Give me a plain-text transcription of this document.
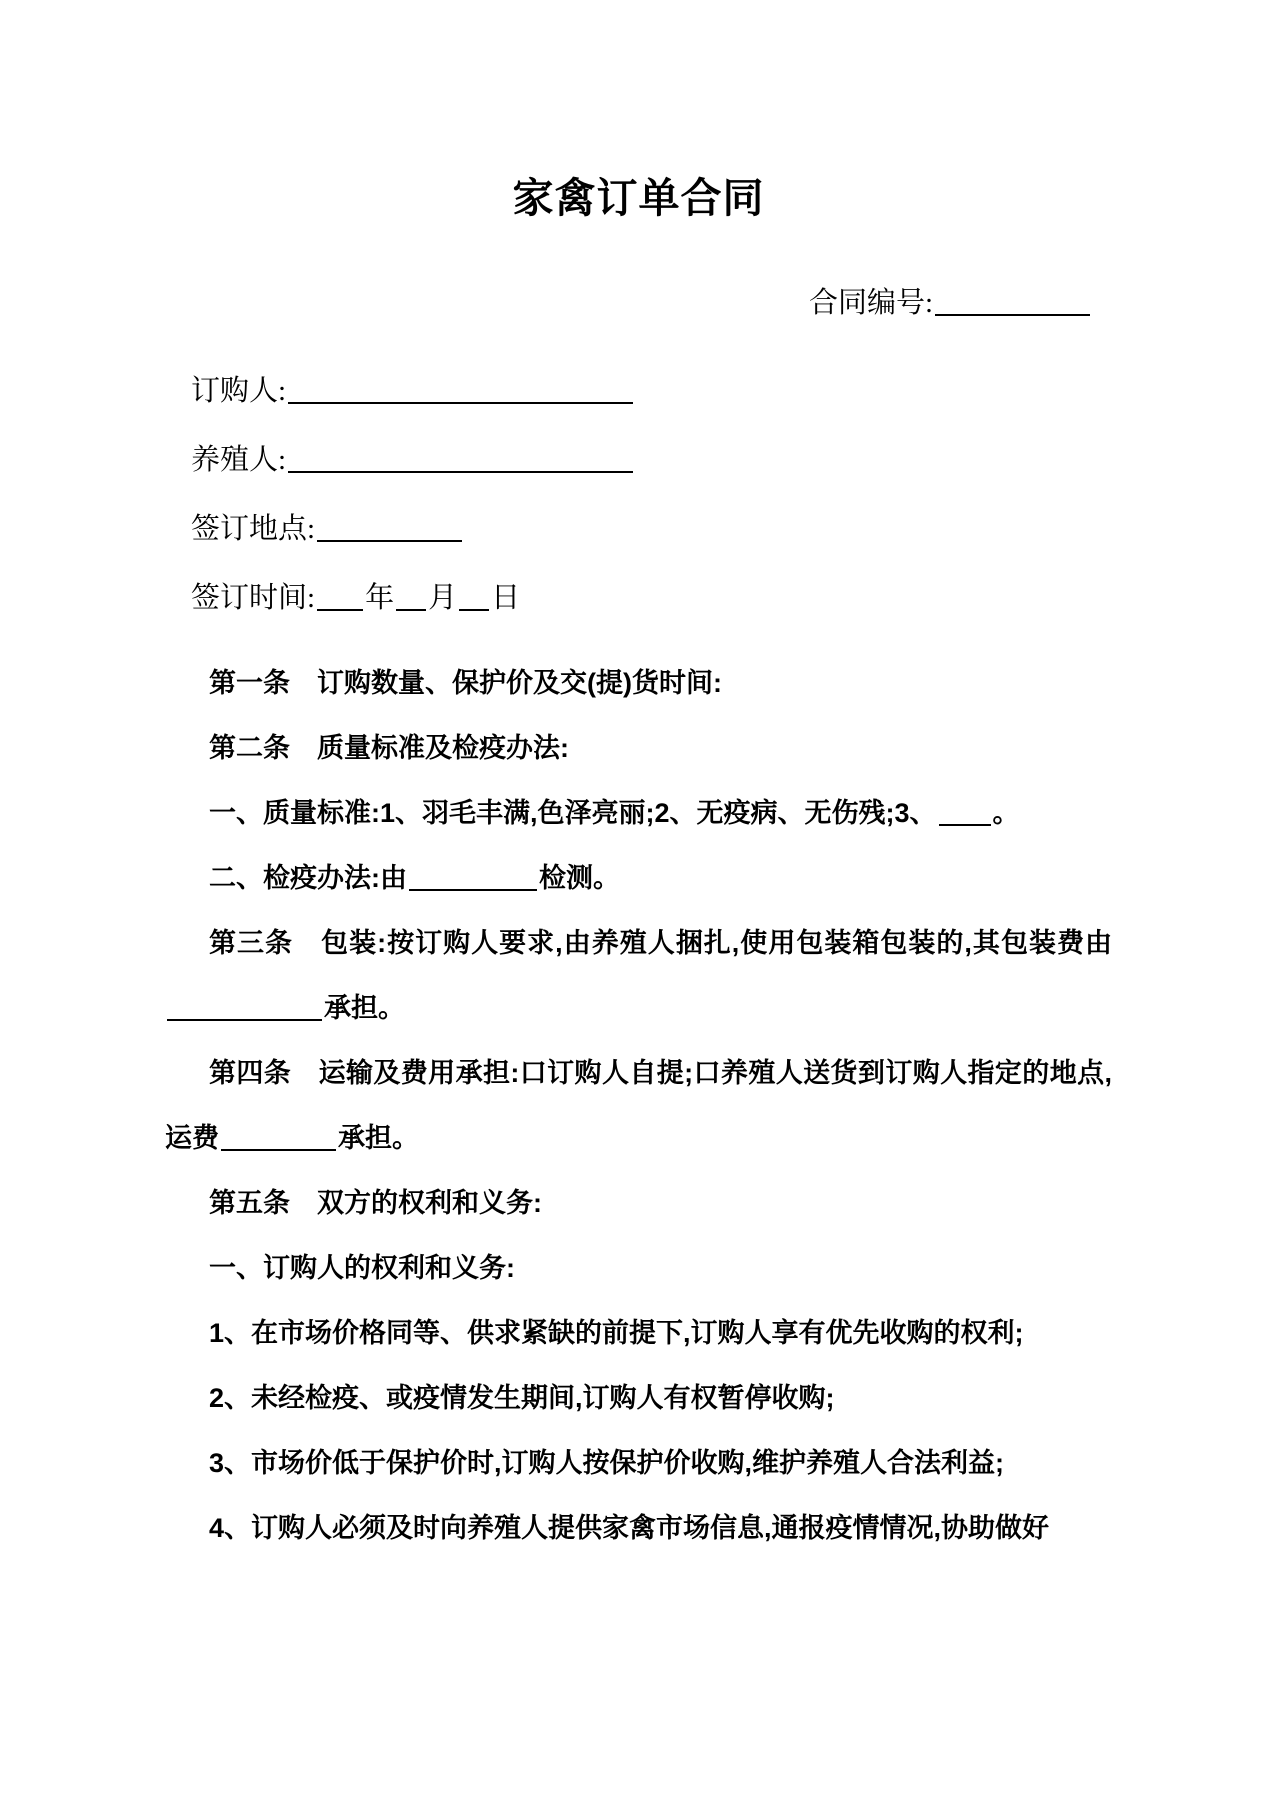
家禽订单合同
合同编号:
订购人:
养殖人:
签订地点:
签订时间: 年 月 日

第一条　订购数量、保护价及交(提)货时间:

第二条　质量标准及检疫办法:

一、质量标准:1、羽毛丰满,色泽亮丽;2、无疫病、无伤残;3、 。

二、检疫办法:由	检测。

第三条　包装:按订购人要求,由养殖人捆扎,使用包装箱包装的,其包装费由承担。

第四条　运输及费用承担:口订购人自提;口养殖人送货到订购人指定的地点,运费	承担。

第五条　双方的权利和义务:

一、订购人的权利和义务:

1、在市场价格同等、供求紧缺的前提下,订购人享有优先收购的权利;

2、未经检疫、或疫情发生期间,订购人有权暂停收购;

3、市场价低于保护价时,订购人按保护价收购,维护养殖人合法利益;

4、订购人必须及时向养殖人提供家禽市场信息,通报疫情情况,协助做好
